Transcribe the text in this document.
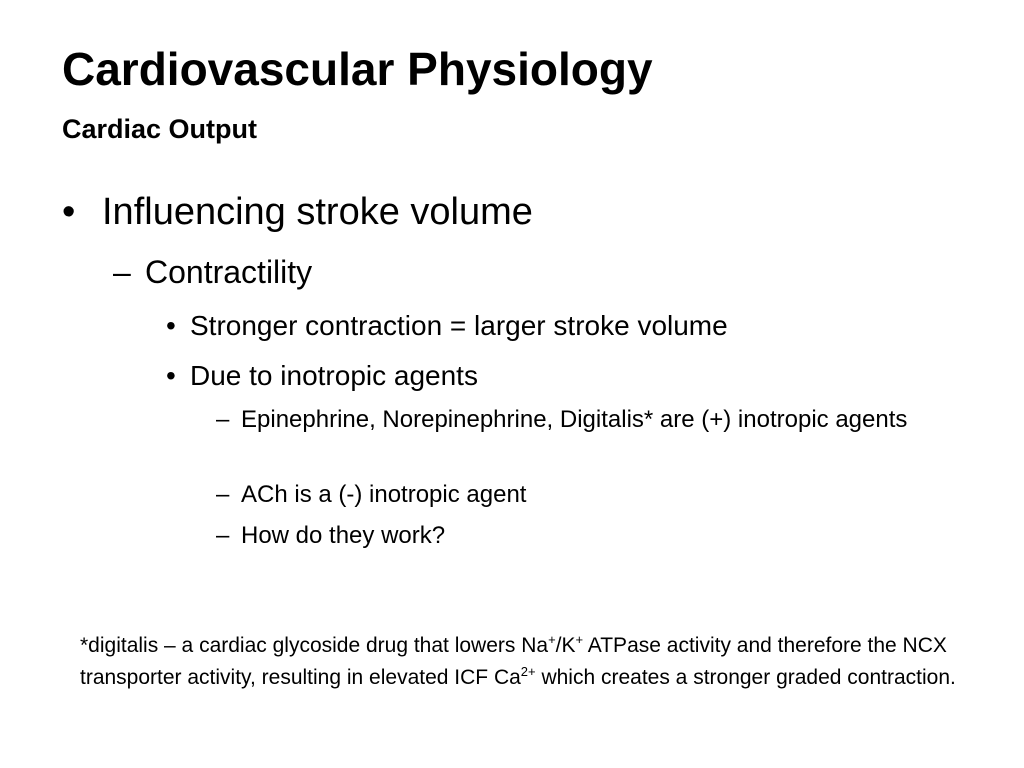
Cardiovascular Physiology
Cardiac Output
• Influencing stroke volume
– Contractility
• Stronger contraction = larger stroke volume
• Due to inotropic agents
– Epinephrine, Norepinephrine, Digitalis* are (+) inotropic agents
– ACh is a (-) inotropic agent
– How do they work?
*digitalis – a cardiac glycoside drug that lowers Na+/K+ ATPase activity and therefore the NCX transporter activity, resulting in elevated ICF $Ca^{2+}$ which creates a stronger graded contraction.
